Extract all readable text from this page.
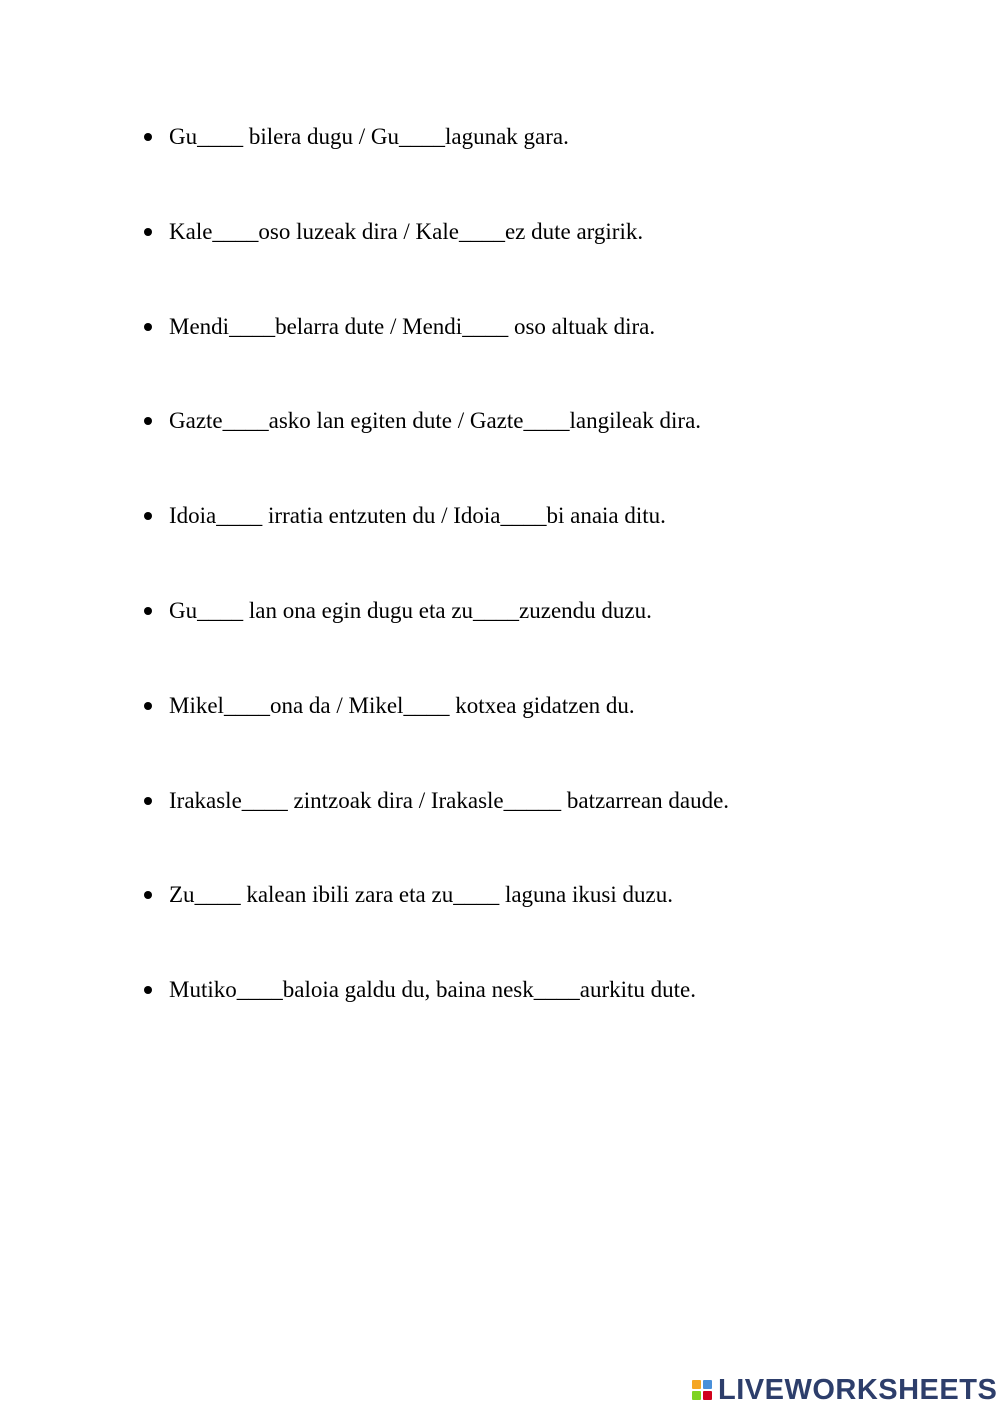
Gu____ bilera dugu / Gu____lagunak gara.
Kale____oso luzeak dira / Kale____ez dute argirik.
Mendi____belarra dute / Mendi____ oso altuak dira.
Gazte____asko lan egiten dute / Gazte____langileak dira.
Idoia____ irratia entzuten du / Idoia____bi anaia ditu.
Gu____ lan ona egin dugu eta zu____zuzendu duzu.
Mikel____ona da / Mikel____ kotxea gidatzen du.
Irakasle____ zintzoak dira / Irakasle_____ batzarrean daude.
Zu____ kalean ibili zara eta zu____ laguna ikusi duzu.
Mutiko____baloia galdu du, baina nesk____aurkitu dute.
LIVEWORKSHEETS
